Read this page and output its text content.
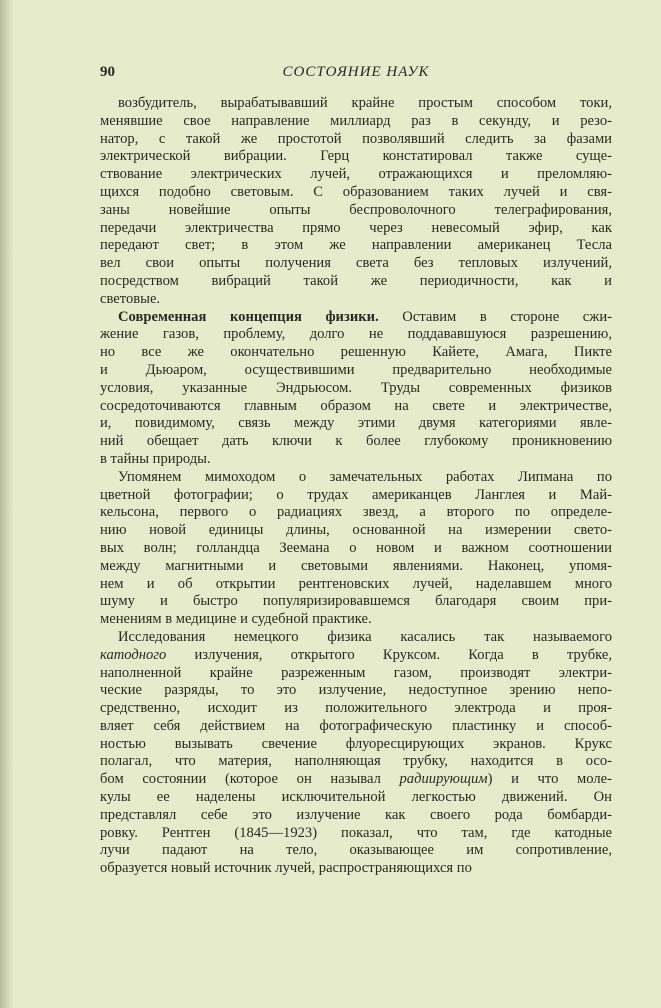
90	СОСТОЯНИЕ НАУК
возбудитель, вырабатывавший крайне простым способом токи,
менявшие свое направление миллиард раз в секунду, и резо-
натор, с такой же простотой позволявший следить за фазами
электрической вибрации. Герц констатировал также суще-
ствование электрических лучей, отражающихся и преломляю-
щихся подобно световым. С образованием таких лучей и свя-
заны новейшие опыты беспроволочного телеграфирования,
передачи электричества прямо через невесомый эфир, как
передают свет; в этом же направлении американец Тесла
вел свои опыты получения света без тепловых излучений,
посредством вибраций такой же периодичности, как и
световые.
Современная концепция физики. Оставим в стороне сжи-
жение газов, проблему, долго не поддававшуюся разрешению,
но все же окончательно решенную Кайете, Амага, Пикте
и Дьюаром, осуществившими предварительно необходимые
условия, указанные Эндрьюсом. Труды современных физиков
сосредоточиваются главным образом на свете и электричестве,
и, повидимому, связь между этими двумя категориями явле-
ний обещает дать ключи к более глубокому проникновению
в тайны природы.
Упомянем мимоходом о замечательных работах Липмана по
цветной фотографии; о трудах американцев Ланглея и Май-
кельсона, первого о радиациях звезд, а второго по определе-
нию новой единицы длины, основанной на измерении свето-
вых волн; голландца Зеемана о новом и важном соотношении
между магнитными и световыми явлениями. Наконец, упомя-
нем и об открытии рентгеновских лучей, наделавшем много
шуму и быстро популяризировавшемся благодаря своим при-
менениям в медицине и судебной практике.
Исследования немецкого физика касались так называемого
катодного излучения, открытого Круксом. Когда в трубке,
наполненной крайне разреженным газом, производят электри-
ческие разряды, то это излучение, недоступное зрению непо-
средственно, исходит из положительного электрода и проя-
вляет себя действием на фотографическую пластинку и способ-
ностью вызывать свечение флуоресцирующих экранов. Крукс
полагал, что материя, наполняющая трубку, находится в осо-
бом состоянии (которое он называл радиирующим) и что моле-
кулы ее наделены исключительной легкостью движений. Он
представлял себе это излучение как своего рода бомбарди-
ровку. Рентген (1845—1923) показал, что там, где катодные
лучи падают на тело, оказывающее им сопротивление,
образуется новый источник лучей, распространяющихся по
